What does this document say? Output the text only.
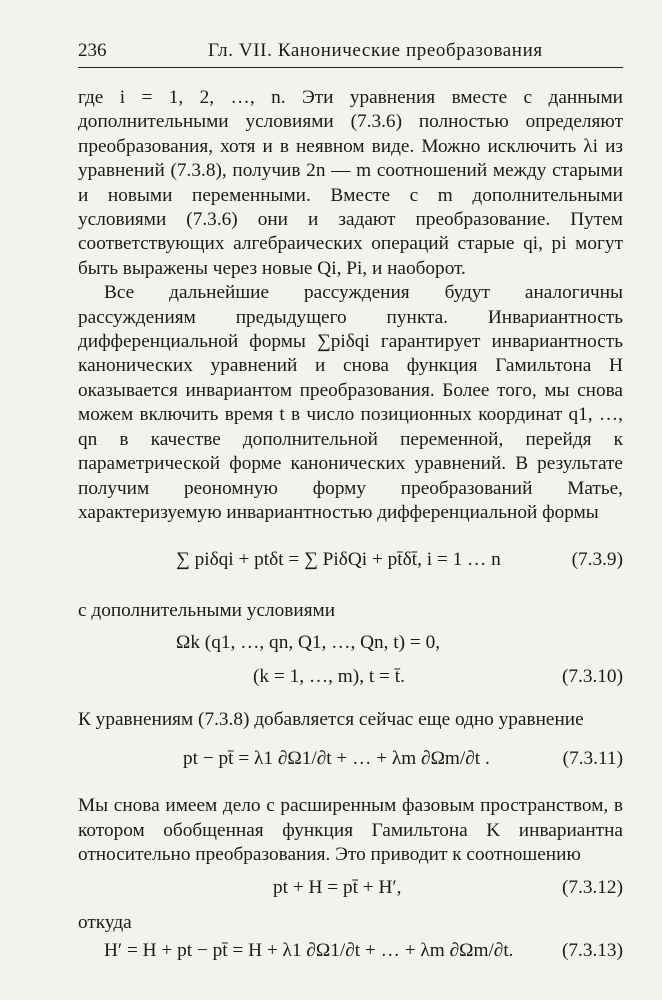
236	Гл. VII. Канонические преобразования

где i = 1, 2, …, n. Эти уравнения вместе с данными дополнительными условиями (7.3.6) полностью определяют преобразования, хотя и в неявном виде. Можно исключить λi из уравнений (7.3.8), получив 2n — m соотношений между старыми и новыми переменными. Вместе с m дополнительными условиями (7.3.6) они и задают преобразование. Путем соответствующих алгебраических операций старые qi, pi могут быть выражены через новые Qi, Pi, и наоборот.

Все дальнейшие рассуждения будут аналогичны рассуждениям предыдущего пункта. Инвариантность дифференциальной формы ∑piδqi гарантирует инвариантность канонических уравнений и снова функция Гамильтона H оказывается инвариантом преобразования. Более того, мы снова можем включить время t в число позиционных координат q1, …, qn в качестве дополнительной переменной, перейдя к параметрической форме канонических уравнений. В результате получим реономную форму преобразований Матье, характеризуемую инвариантностью дифференциальной формы

∑ piδqi + ptδt = ∑ PiδQi + pt̄δt̄, i = 1 … n	(7.3.9)

с дополнительными условиями

Ωk (q1, …, qn, Q1, …, Qn, t) = 0,
(k = 1, …, m), t = t̄.	(7.3.10)

К уравнениям (7.3.8) добавляется сейчас еще одно уравнение

pt − pt̄ = λ1 ∂Ω1/∂t + … + λm ∂Ωm/∂t .	(7.3.11)

Мы снова имеем дело с расширенным фазовым пространством, в котором обобщенная функция Гамильтона K инвариантна относительно преобразования. Это приводит к соотношению

pt + H = pt̄ + H′,	(7.3.12)

откуда

H′ = H + pt − pt̄ = H + λ1 ∂Ω1/∂t + … + λm ∂Ωm/∂t.	(7.3.13)
